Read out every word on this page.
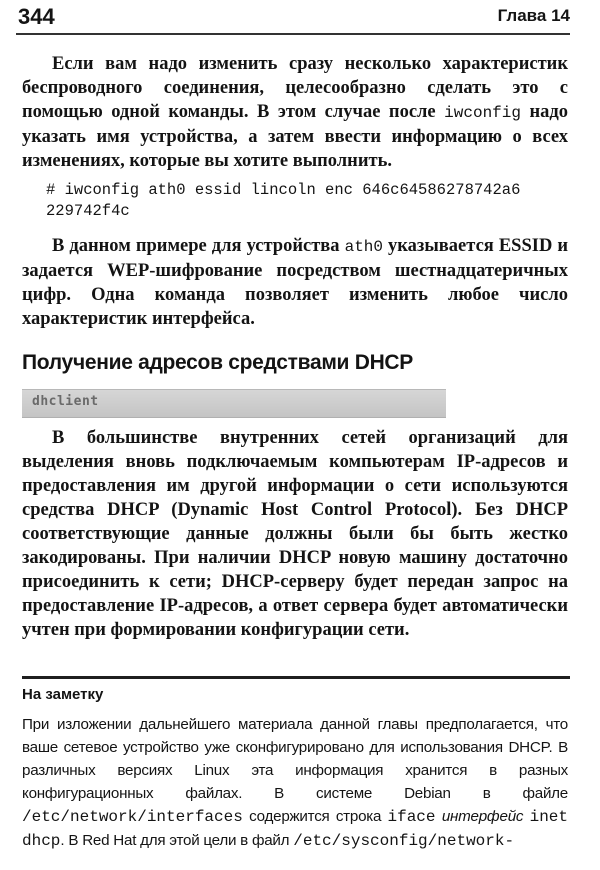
344	Глава 14

Если вам надо изменить сразу несколько характеристик беспроводного соединения, целесообразно сделать это с помощью одной команды. В этом случае после iwconfig надо указать имя устройства, а затем ввести информацию о всех изменениях, которые вы хотите выполнить.

# iwconfig ath0 essid lincoln enc 646c64586278742a6
229742f4c

В данном примере для устройства ath0 указывается ESSID и задается WEP-шифрование посредством шестнадцатеричных цифр. Одна команда позволяет изменить любое число характеристик интерфейса.

Получение адресов средствами DHCP
dhclient

В большинстве внутренних сетей организаций для выделения вновь подключаемым компьютерам IP-адресов и предоставления им другой информации о сети используются средства DHCP (Dynamic Host Control Protocol). Без DHCP соответствующие данные должны были бы быть жестко закодированы. При наличии DHCP новую машину достаточно присоединить к сети; DHCP-серверу будет передан запрос на предоставление IP-адресов, а ответ сервера будет автоматически учтен при формировании конфигурации сети.

На заметку

При изложении дальнейшего материала данной главы предполагается, что ваше сетевое устройство уже сконфигурировано для использования DHCP. В различных версиях Linux эта информация хранится в разных конфигурационных файлах. В системе Debian в файле /etc/network/interfaces содержится строка iface интерфейс inet dhcp. В Red Hat для этой цели в файл /etc/sysconfig/network-
